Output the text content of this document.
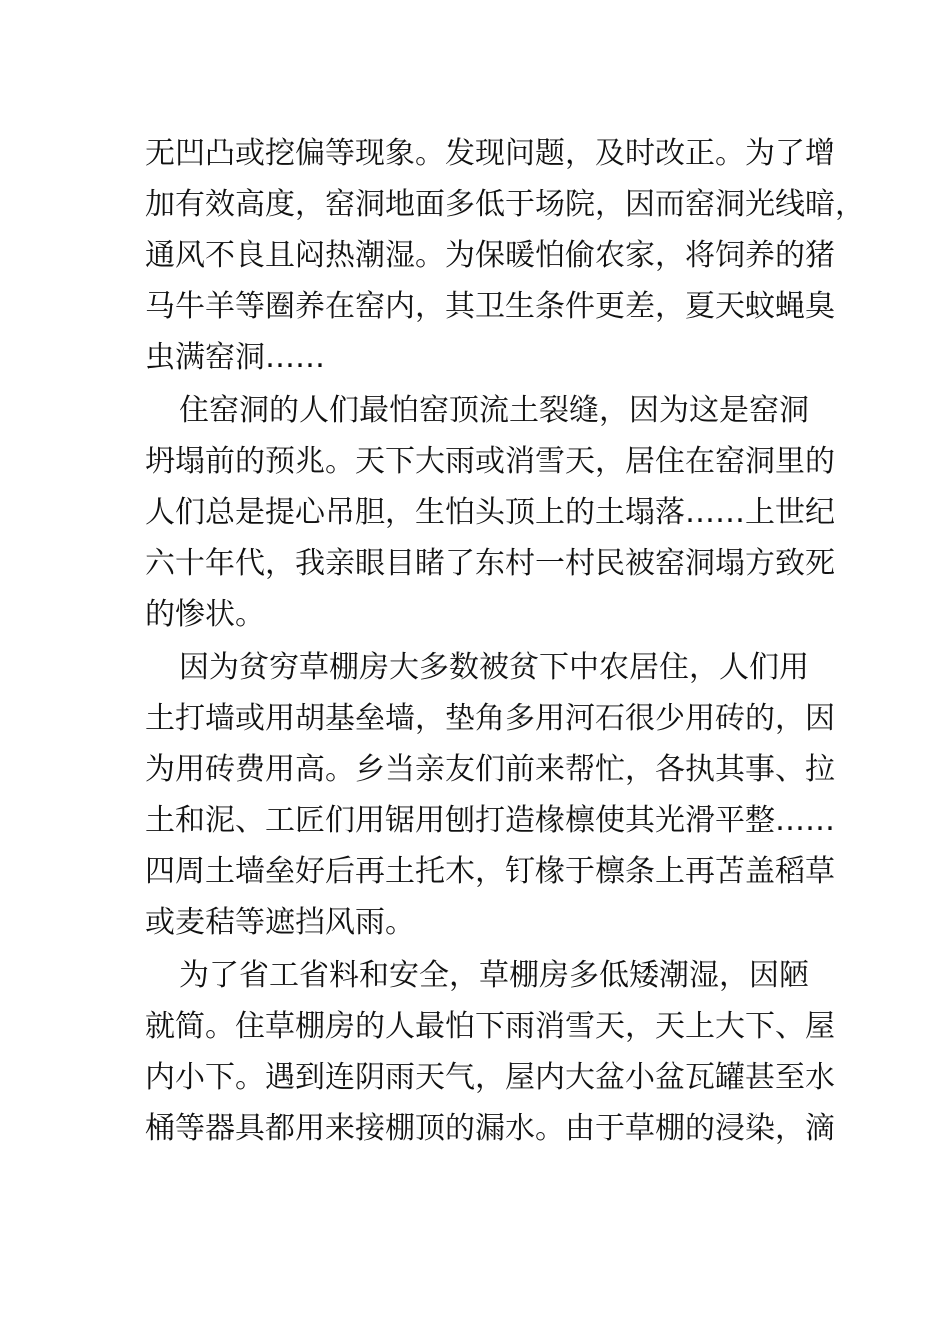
无凹凸或挖偏等现象。发现问题，及时改正。为了增
加有效高度，窑洞地面多低于场院，因而窑洞光线暗，
通风不良且闷热潮湿。为保暖怕偷农家，将饲养的猪
马牛羊等圈养在窑内，其卫生条件更差，夏天蚊蝇臭
虫满窑洞……
住窑洞的人们最怕窑顶流土裂缝，因为这是窑洞
坍塌前的预兆。天下大雨或消雪天，居住在窑洞里的
人们总是提心吊胆，生怕头顶上的土塌落……上世纪
六十年代，我亲眼目睹了东村一村民被窑洞塌方致死
的惨状。
因为贫穷草棚房大多数被贫下中农居住，人们用
土打墙或用胡基垒墙，垫角多用河石很少用砖的，因
为用砖费用高。乡当亲友们前来帮忙，各执其事、拉
土和泥、工匠们用锯用刨打造椽檩使其光滑平整……
四周土墙垒好后再土托木，钉椽于檩条上再苫盖稻草
或麦秸等遮挡风雨。
为了省工省料和安全，草棚房多低矮潮湿，因陋
就简。住草棚房的人最怕下雨消雪天，天上大下、屋
内小下。遇到连阴雨天气，屋内大盆小盆瓦罐甚至水
桶等器具都用来接棚顶的漏水。由于草棚的浸染，滴
